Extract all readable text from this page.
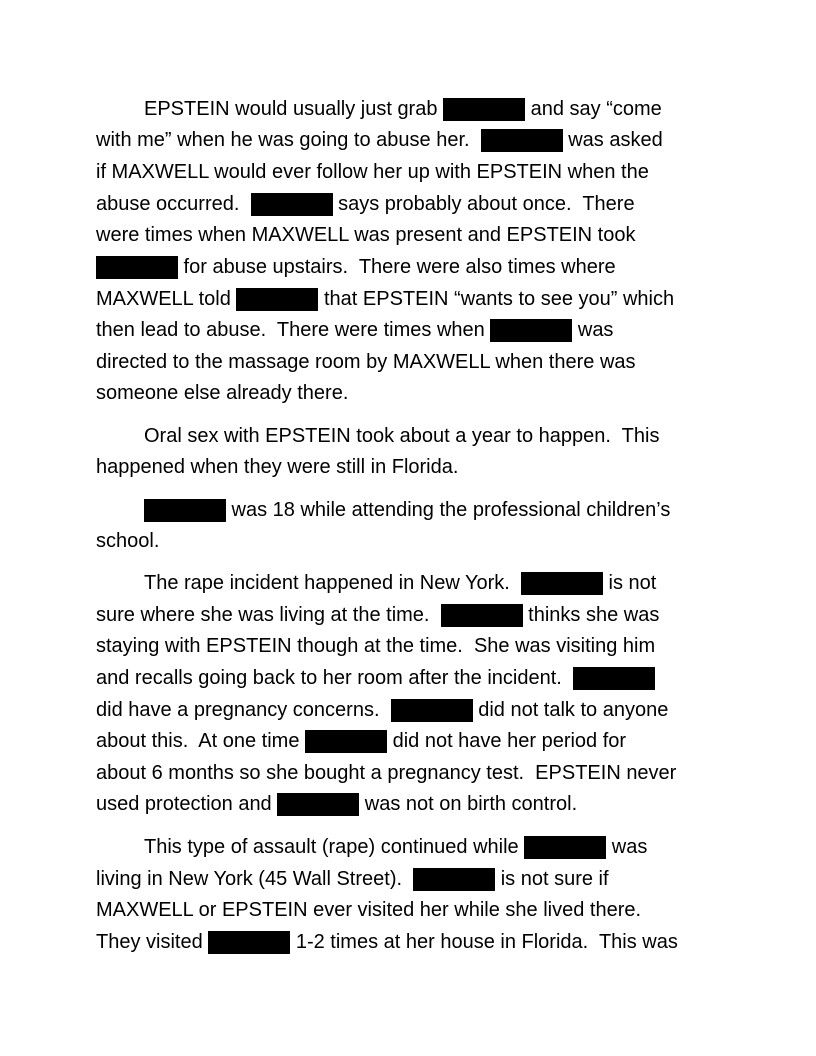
EPSTEIN would usually just grab	and say “come
with me” when he was going to abuse her.	was asked
if MAXWELL would ever follow her up with EPSTEIN when the
abuse occurred.	says probably about once.  There
were times when MAXWELL was present and EPSTEIN took
for abuse upstairs.  There were also times where
MAXWELL told	that EPSTEIN “wants to see you” which
then lead to abuse.  There were times when	was
directed to the massage room by MAXWELL when there was
someone else already there.
Oral sex with EPSTEIN took about a year to happen.  This
happened when they were still in Florida.
was 18 while attending the professional children’s
school.
The rape incident happened in New York.	is not
sure where she was living at the time.	thinks she was
staying with EPSTEIN though at the time.  She was visiting him
and recalls going back to her room after the incident.
did have a pregnancy concerns.	did not talk to anyone
about this.  At one time	did not have her period for
about 6 months so she bought a pregnancy test.  EPSTEIN never
used protection and	was not on birth control.
This type of assault (rape) continued while	was
living in New York (45 Wall Street).	is not sure if
MAXWELL or EPSTEIN ever visited her while she lived there.
They visited	1-2 times at her house in Florida.  This was
